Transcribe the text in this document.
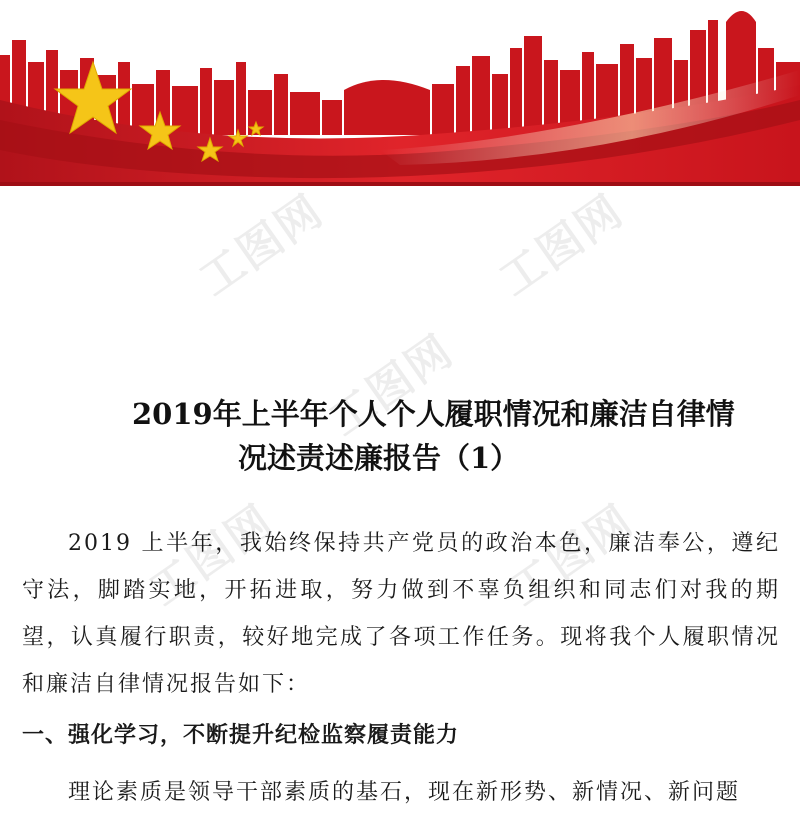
工图网	工图网
工图网
工图网	工图网
2019年上半年个人个人履职情况和廉洁自律情
况述责述廉报告（1）

2019 上半年，我始终保持共产党员的政治本色，廉洁奉公，遵纪守法，脚踏实地，开拓进取，努力做到不辜负组织和同志们对我的期望，认真履行职责，较好地完成了各项工作任务。现将我个人履职情况和廉洁自律情况报告如下：

一、强化学习，不断提升纪检监察履责能力

理论素质是领导干部素质的基石，现在新形势、新情况、新问题
